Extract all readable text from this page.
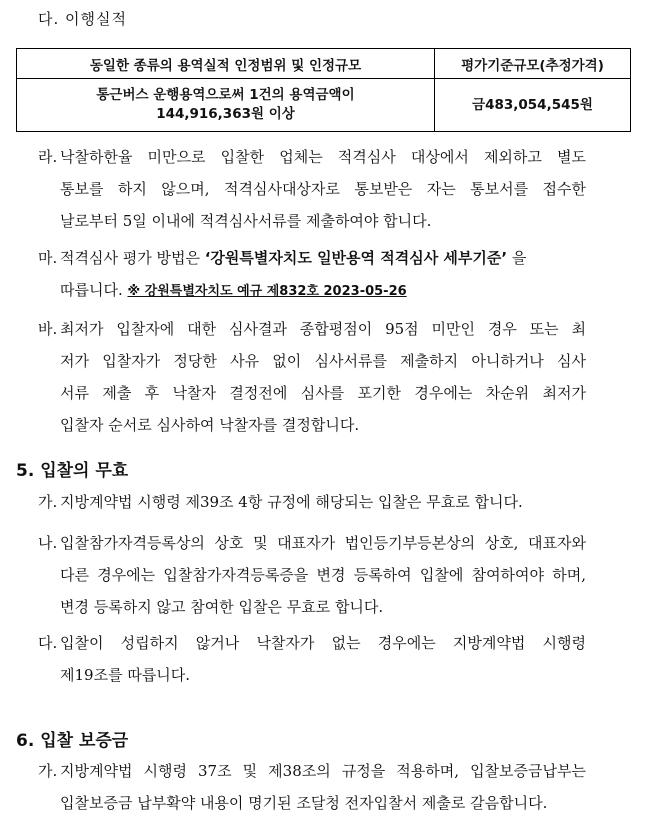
다. 이행실적
동일한 종류의 용역실적 인정범위 및 인정규모	평가기준규모(추정가격)

통근버스 운행용역으로써 1건의 용역금액이
144,916,363원 이상	금483,054,545원
라. 낙찰하한율 미만으로 입찰한 업체는 적격심사 대상에서 제외하고 별도
통보를 하지 않으며, 적격심사대상자로 통보받은 자는 통보서를 접수한
날로부터 5일 이내에 적격심사서류를 제출하여야 합니다.
마. 적격심사 평가 방법은 ‘강원특별자치도 일반용역 적격심사 세부기준’ 을
따릅니다. ※ 강원특별자치도 예규 제832호 2023-05-26
바. 최저가 입찰자에 대한 심사결과 종합평점이 95점 미만인 경우 또는 최
저가 입찰자가 정당한 사유 없이 심사서류를 제출하지 아니하거나 심사
서류 제출 후 낙찰자 결정전에 심사를 포기한 경우에는 차순위 최저가
입찰자 순서로 심사하여 낙찰자를 결정합니다.
5. 입찰의 무효
가. 지방계약법 시행령 제39조 4항 규정에 해당되는 입찰은 무효로 합니다.
나. 입찰참가자격등록상의 상호 및 대표자가 법인등기부등본상의 상호, 대표자와
다른 경우에는 입찰참가자격등록증을 변경 등록하여 입찰에 참여하여야 하며,
변경 등록하지 않고 참여한 입찰은 무효로 합니다.
다. 입찰이 성립하지 않거나 낙찰자가 없는 경우에는 지방계약법 시행령
제19조를 따릅니다.
6. 입찰 보증금
가. 지방계약법 시행령 37조 및 제38조의 규정을 적용하며, 입찰보증금납부는
입찰보증금 납부확약 내용이 명기된 조달청 전자입찰서 제출로 갈음합니다.
